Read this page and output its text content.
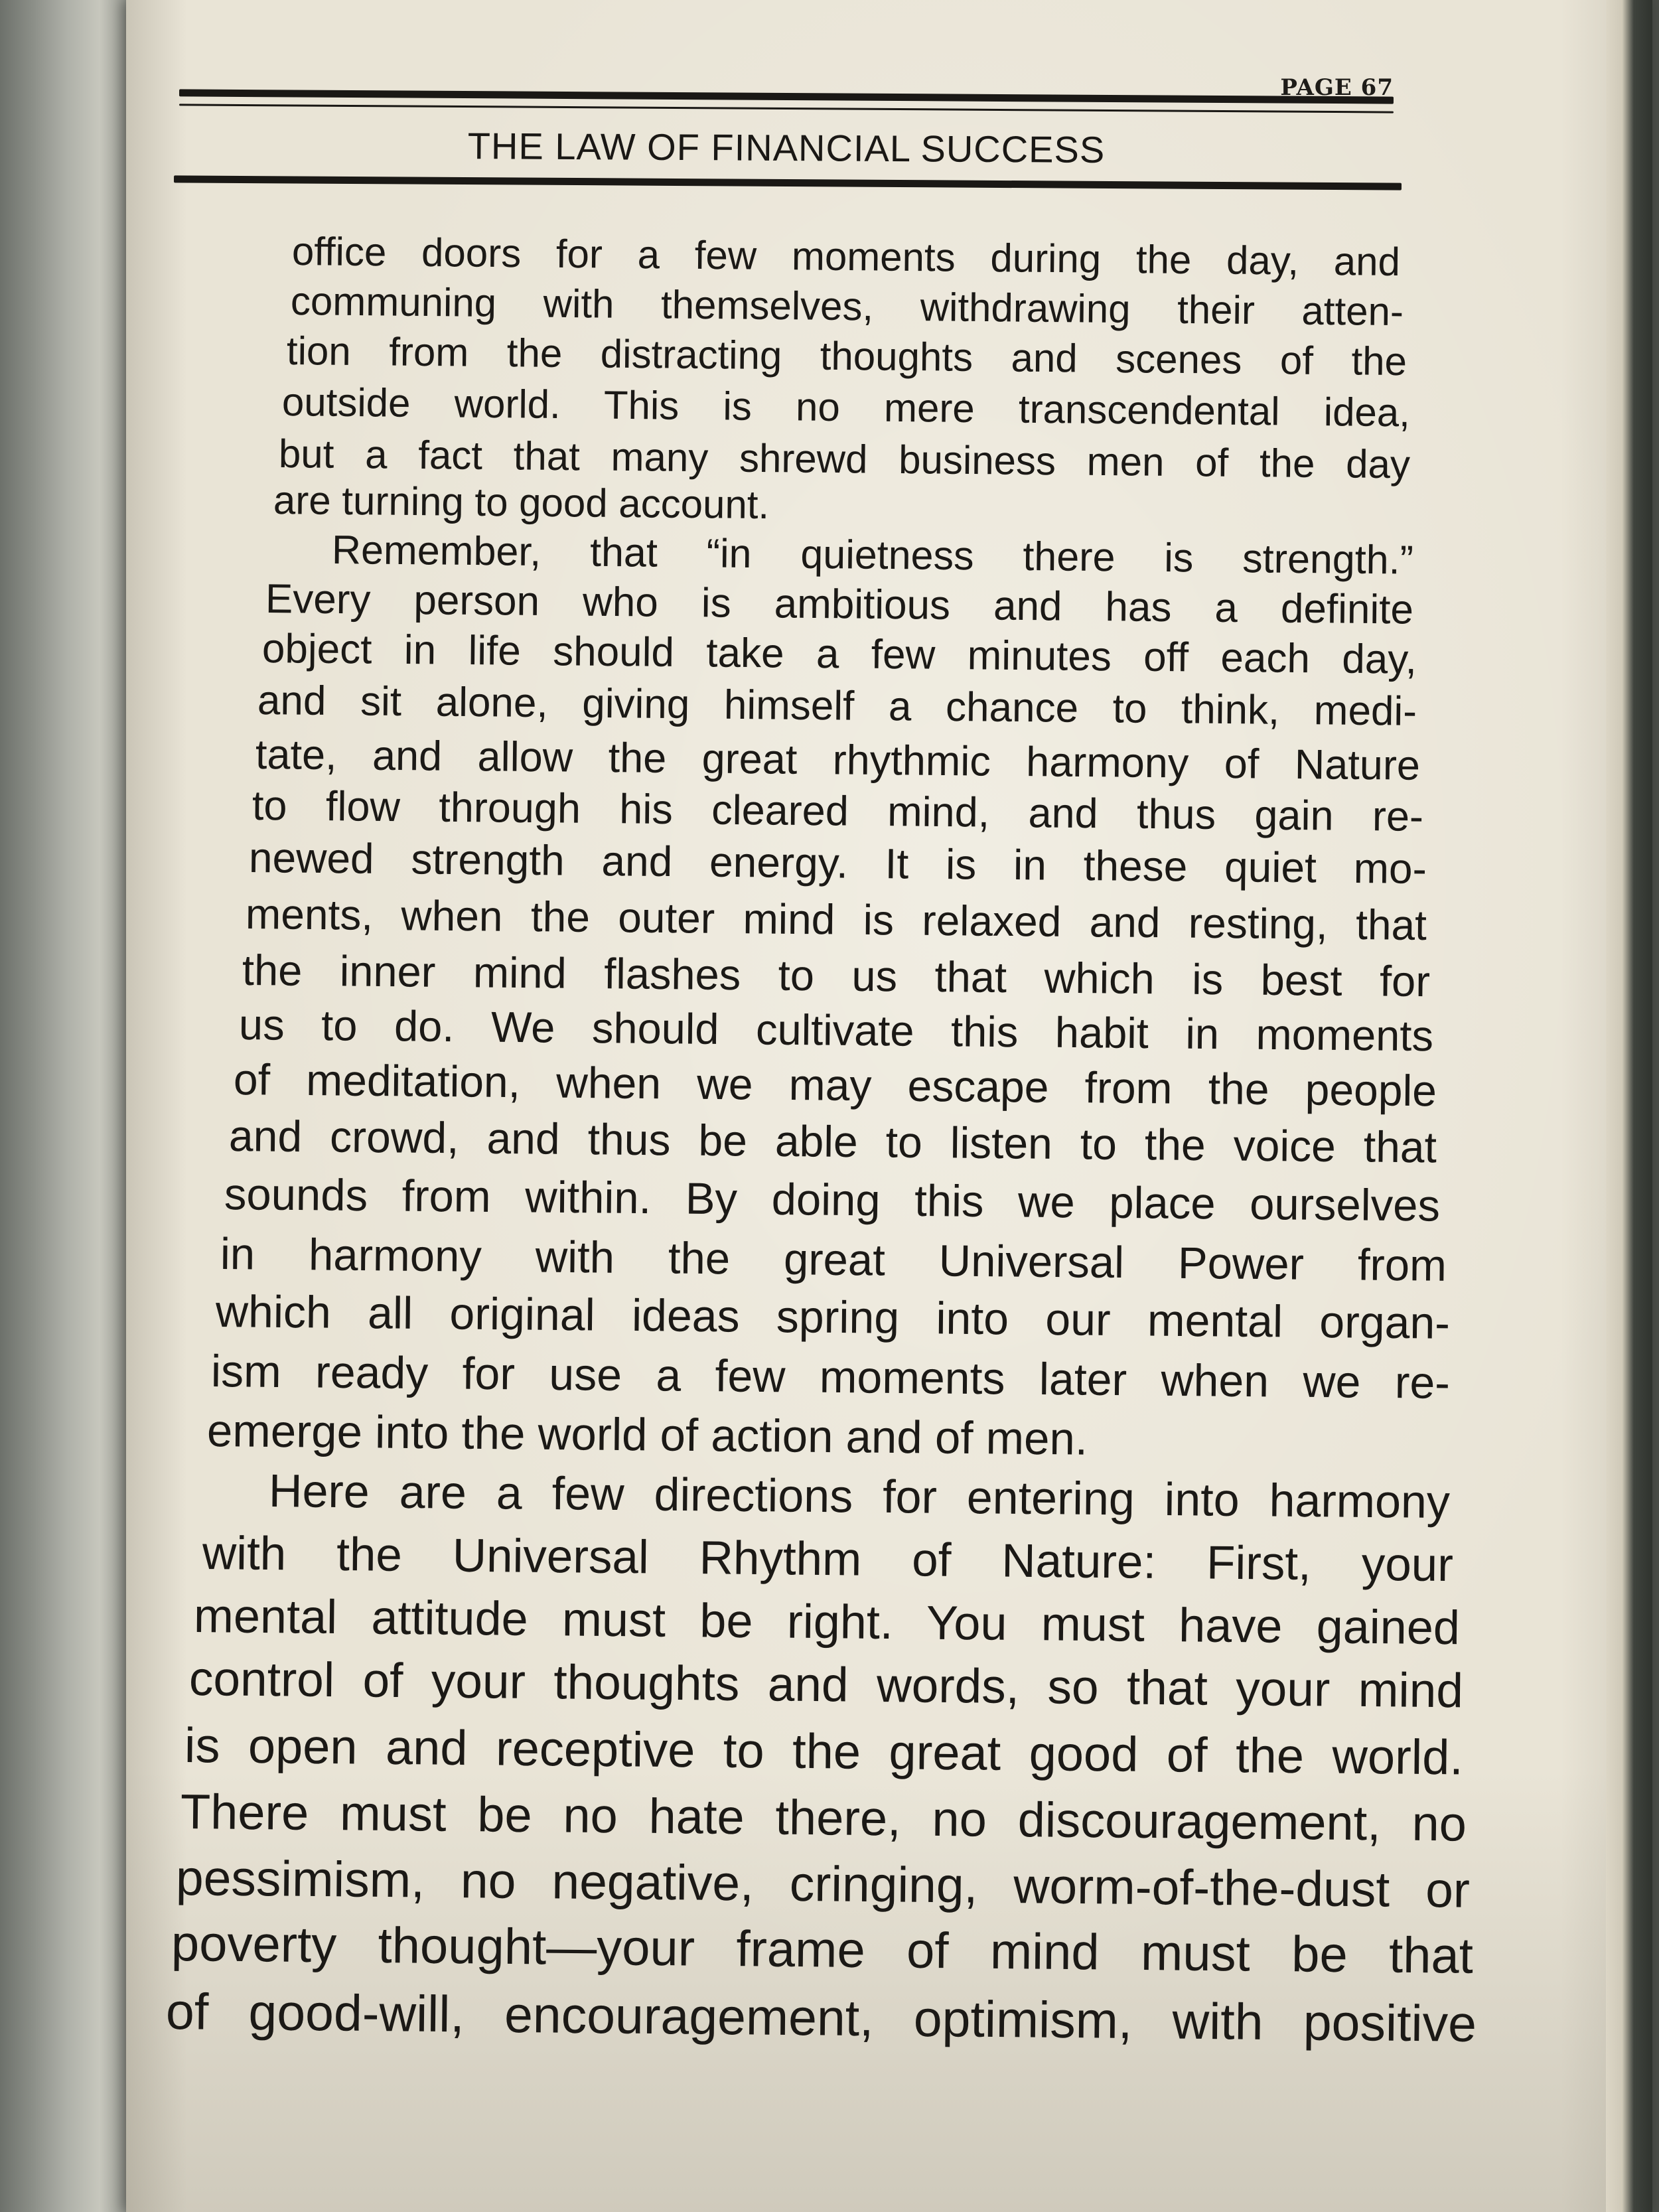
PAGE 67

THE LAW OF FINANCIAL SUCCESS

office doors for a few moments during the day, and

communing with themselves, withdrawing their atten-

tion from the distracting thoughts and scenes of the

outside world. This is no mere transcendental idea,

but a fact that many shrewd business men of the day

are turning to good account.

Remember, that “in quietness there is strength.”

Every person who is ambitious and has a definite

object in life should take a few minutes off each day,

and sit alone, giving himself a chance to think, medi-

tate, and allow the great rhythmic harmony of Nature

to flow through his cleared mind, and thus gain re-

newed strength and energy. It is in these quiet mo-

ments, when the outer mind is relaxed and resting, that

the inner mind flashes to us that which is best for

us to do. We should cultivate this habit in moments

of meditation, when we may escape from the people

and crowd, and thus be able to listen to the voice that

sounds from within. By doing this we place ourselves

in harmony with the great Universal Power from

which all original ideas spring into our mental organ-

ism ready for use a few moments later when we re-

emerge into the world of action and of men.

Here are a few directions for entering into harmony

with the Universal Rhythm of Nature: First, your

mental attitude must be right. You must have gained

control of your thoughts and words, so that your mind

is open and receptive to the great good of the world.

There must be no hate there, no discouragement, no

pessimism, no negative, cringing, worm-of-the-dust or

poverty thought—your frame of mind must be that

of good-will, encouragement, optimism, with positive
